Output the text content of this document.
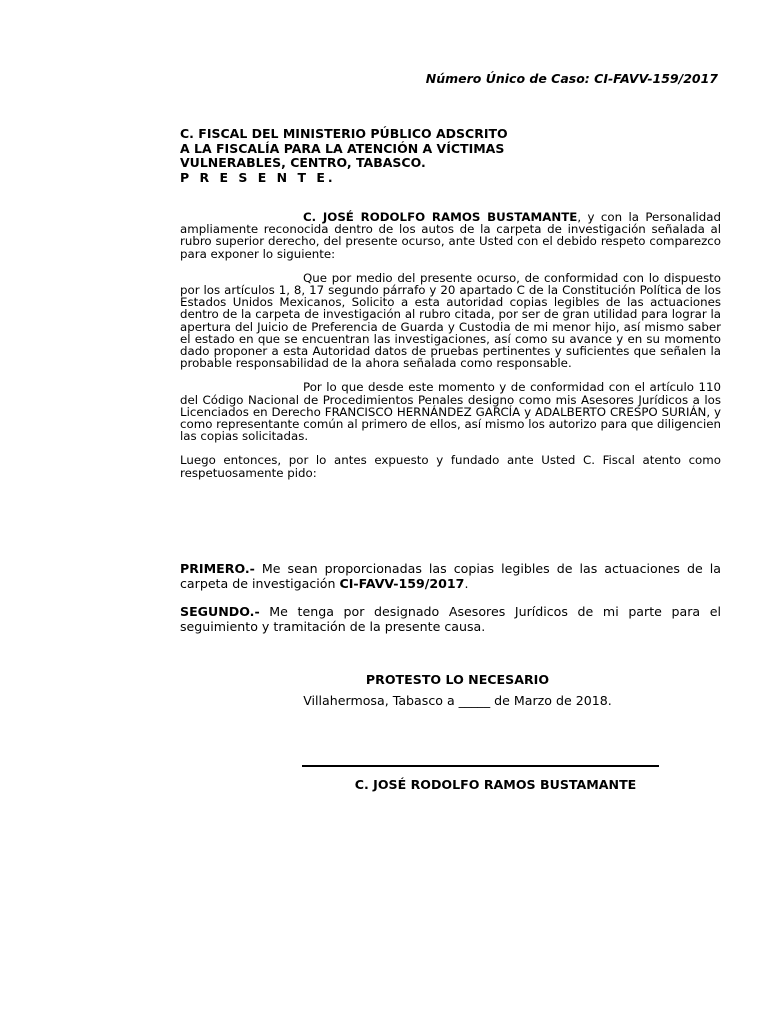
Número Único de Caso: CI-FAVV-159/2017
C. FISCAL DEL MINISTERIO PÚBLICO ADSCRITO
A LA FISCALÍA PARA LA ATENCIÓN A VÍCTIMAS
VULNERABLES, CENTRO, TABASCO.
P R E S E N T E.

C. JOSÉ RODOLFO RAMOS BUSTAMANTE, y con la Personalidad ampliamente reconocida dentro de los autos de la carpeta de investigación señalada al rubro superior derecho, del presente ocurso, ante Usted con el debido respeto comparezco para exponer lo siguiente:

Que por medio del presente ocurso, de conformidad con lo dispuesto por los artículos 1, 8, 17 segundo párrafo y 20 apartado C de la Constitución Política de los Estados Unidos Mexicanos, Solicito a esta autoridad copias legibles de las actuaciones dentro de la carpeta de investigación al rubro citada, por ser de gran utilidad para lograr la apertura del Juicio de Preferencia de Guarda y Custodia de mi menor hijo, así mismo saber el estado en que se encuentran las investigaciones, así como su avance y en su momento dado proponer a esta Autoridad datos de pruebas pertinentes y suficientes que señalen la probable responsabilidad de la ahora señalada como responsable.

Por lo que desde este momento y de conformidad con el artículo 110 del Código Nacional de Procedimientos Penales designo como mis Asesores Jurídicos a los Licenciados en Derecho FRANCISCO HERNÁNDEZ GARCÍA y ADALBERTO CRESPO SURIÁN, y como representante común al primero de ellos, así mismo los autorizo para que diligencien las copias solicitadas.

Luego entonces, por lo antes expuesto y fundado ante Usted C. Fiscal atento como respetuosamente pido:

PRIMERO.- Me sean proporcionadas las copias legibles de las actuaciones de la carpeta de investigación CI-FAVV-159/2017.

SEGUNDO.- Me tenga por designado Asesores Jurídicos de mi parte para el seguimiento y tramitación de la presente causa.

PROTESTO LO NECESARIO
Villahermosa, Tabasco a _____ de Marzo de 2018.
C. JOSÉ RODOLFO RAMOS BUSTAMANTE
